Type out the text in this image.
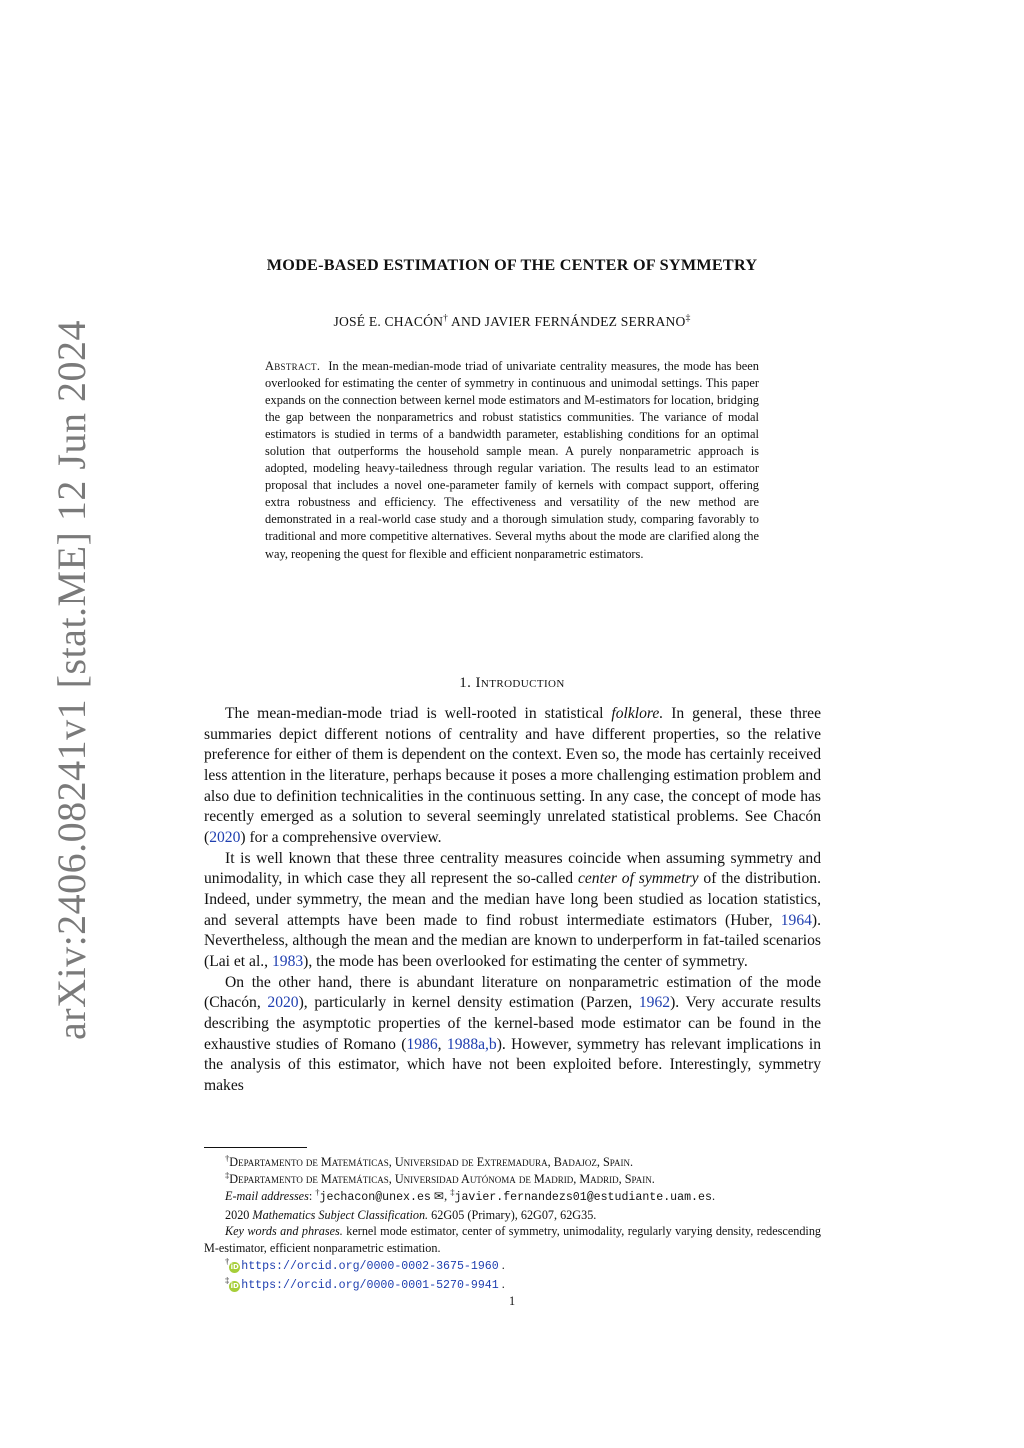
arXiv:2406.08241v1 [stat.ME] 12 Jun 2024
MODE-BASED ESTIMATION OF THE CENTER OF SYMMETRY
JOSÉ E. CHACÓN† AND JAVIER FERNÁNDEZ SERRANO‡
Abstract. In the mean-median-mode triad of univariate centrality measures, the mode has been overlooked for estimating the center of symmetry in continuous and unimodal settings. This paper expands on the connection between kernel mode estimators and M-estimators for location, bridging the gap between the nonparametrics and robust statistics communities. The variance of modal estimators is studied in terms of a bandwidth parameter, establishing conditions for an optimal solution that outperforms the household sample mean. A purely nonparametric approach is adopted, modeling heavy-tailedness through regular variation. The results lead to an estimator proposal that includes a novel one-parameter family of kernels with compact support, offering extra robustness and efficiency. The effectiveness and versatility of the new method are demonstrated in a real-world case study and a thorough simulation study, comparing favorably to traditional and more competitive alternatives. Several myths about the mode are clarified along the way, reopening the quest for flexible and efficient nonparametric estimators.
1. Introduction

The mean-median-mode triad is well-rooted in statistical folklore. In general, these three summaries depict different notions of centrality and have different properties, so the relative preference for either of them is dependent on the context. Even so, the mode has certainly received less attention in the literature, perhaps because it poses a more challenging estimation problem and also due to definition technicalities in the continuous setting. In any case, the concept of mode has recently emerged as a solution to several seemingly unrelated statistical problems. See Chacón (2020) for a comprehensive overview.

It is well known that these three centrality measures coincide when assuming symmetry and unimodality, in which case they all represent the so-called center of symmetry of the distribution. Indeed, under symmetry, the mean and the median have long been studied as location statistics, and several attempts have been made to find robust intermediate estimators (Huber, 1964). Nevertheless, although the mean and the median are known to underperform in fat-tailed scenarios (Lai et al., 1983), the mode has been overlooked for estimating the center of symmetry.

On the other hand, there is abundant literature on nonparametric estimation of the mode (Chacón, 2020), particularly in kernel density estimation (Parzen, 1962). Very accurate results describing the asymptotic properties of the kernel-based mode estimator can be found in the exhaustive studies of Romano (1986, 1988a,b). However, symmetry has relevant implications in the analysis of this estimator, which have not been exploited before. Interestingly, symmetry makes

†Departamento de Matemáticas, Universidad de Extremadura, Badajoz, Spain.
‡Departamento de Matemáticas, Universidad Autónoma de Madrid, Madrid, Spain.
E-mail addresses: †jechacon@unex.es ✉, ‡javier.fernandezs01@estudiante.uam.es.
2020 Mathematics Subject Classification. 62G05 (Primary), 62G07, 62G35.
Key words and phrases. kernel mode estimator, center of symmetry, unimodality, regularly varying density, redescending M-estimator, efficient nonparametric estimation.
†iD https://orcid.org/0000-0002-3675-1960 .
‡iD https://orcid.org/0000-0001-5270-9941 .
1
